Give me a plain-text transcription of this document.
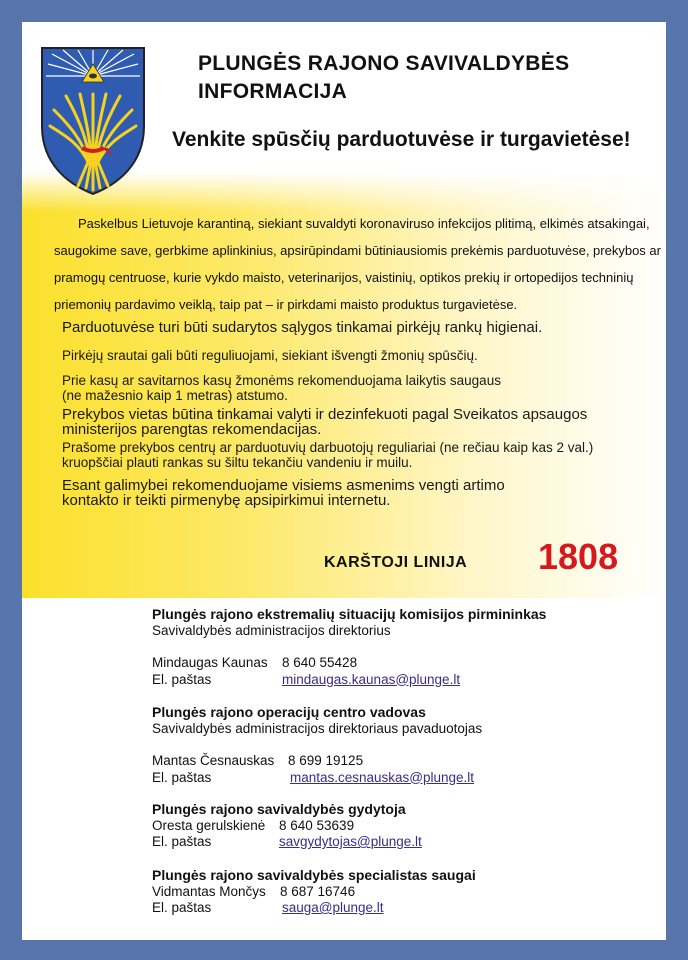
PLUNGĖS RAJONO SAVIVALDYBĖS
INFORMACIJA
Venkite spūsčių parduotuvėse ir turgavietėse!

Paskelbus Lietuvoje karantiną, siekiant suvaldyti koronaviruso infekcijos plitimą, elkimės atsakingai, saugokime save, gerbkime aplinkinius, apsirūpindami būtiniausiomis prekėmis parduotuvėse, prekybos ar pramogų centruose, kurie vykdo maisto, veterinarijos, vaistinių, optikos prekių ir ortopedijos techninių priemonių pardavimo veiklą, taip pat – ir pirkdami maisto produktus turgavietėse.

Parduotuvėse turi būti sudarytos sąlygos tinkamai pirkėjų rankų higienai.
Pirkėjų srautai gali būti reguliuojami, siekiant išvengti žmonių spūsčių.
Prie kasų ar savitarnos kasų žmonėms rekomenduojama laikytis saugaus
(ne mažesnio kaip 1 metras) atstumo.
Prekybos vietas būtina tinkamai valyti ir dezinfekuoti pagal Sveikatos apsaugos
ministerijos parengtas rekomendacijas.
Prašome prekybos centrų ar parduotuvių darbuotojų reguliariai (ne rečiau kaip kas 2 val.)
kruopščiai plauti rankas su šiltu tekančiu vandeniu ir muilu.
Esant galimybei rekomenduojame visiems asmenims vengti artimo
kontakto ir teikti pirmenybę apsipirkimui internetu.
KARŠTOJI LINIJA 1808
Plungės rajono ekstremalių situacijų komisijos pirmininkas
Savivaldybės administracijos direktorius
Mindaugas Kaunas	8 640 55428
El. paštas	mindaugas.kaunas@plunge.lt
Plungės rajono operacijų centro vadovas
Savivaldybės administracijos direktoriaus pavaduotojas
Mantas Česnauskas	8 699 19125
El. paštas	mantas.cesnauskas@plunge.lt
Plungės rajono savivaldybės gydytoja
Oresta gerulskienė	8 640 53639
El. paštas	savgydytojas@plunge.lt
Plungės rajono savivaldybės specialistas saugai
Vidmantas Mončys	8 687 16746
El. paštas	sauga@plunge.lt
